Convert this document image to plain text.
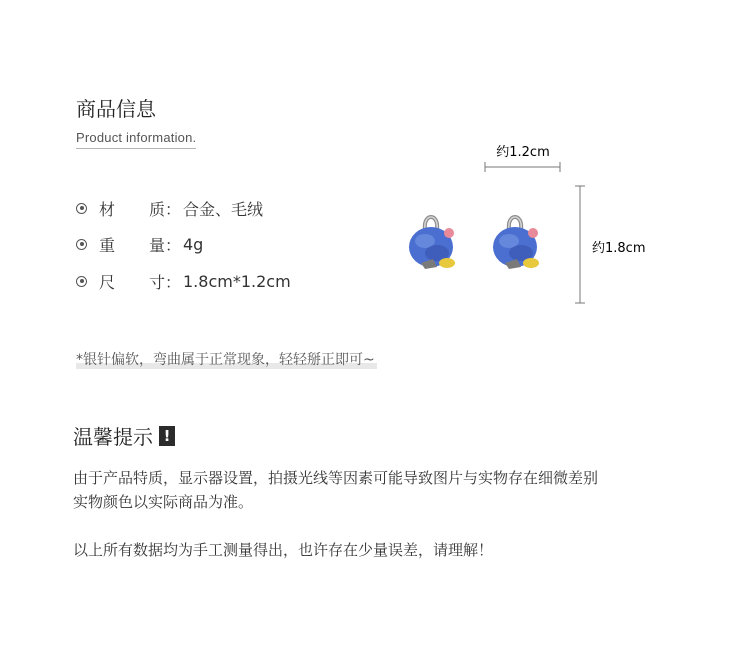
商品信息
Product information.
材 质： 合金、毛绒
重 量： 4g
尺 寸： 1.8cm*1.2cm
约1.2cm
约1.8cm
*银针偏软，弯曲属于正常现象，轻轻掰正即可~
温馨提示 !
由于产品特质，显示器设置，拍摄光线等因素可能导致图片与实物存在细微差别
实物颜色以实际商品为准。
以上所有数据均为手工测量得出，也许存在少量误差，请理解！
